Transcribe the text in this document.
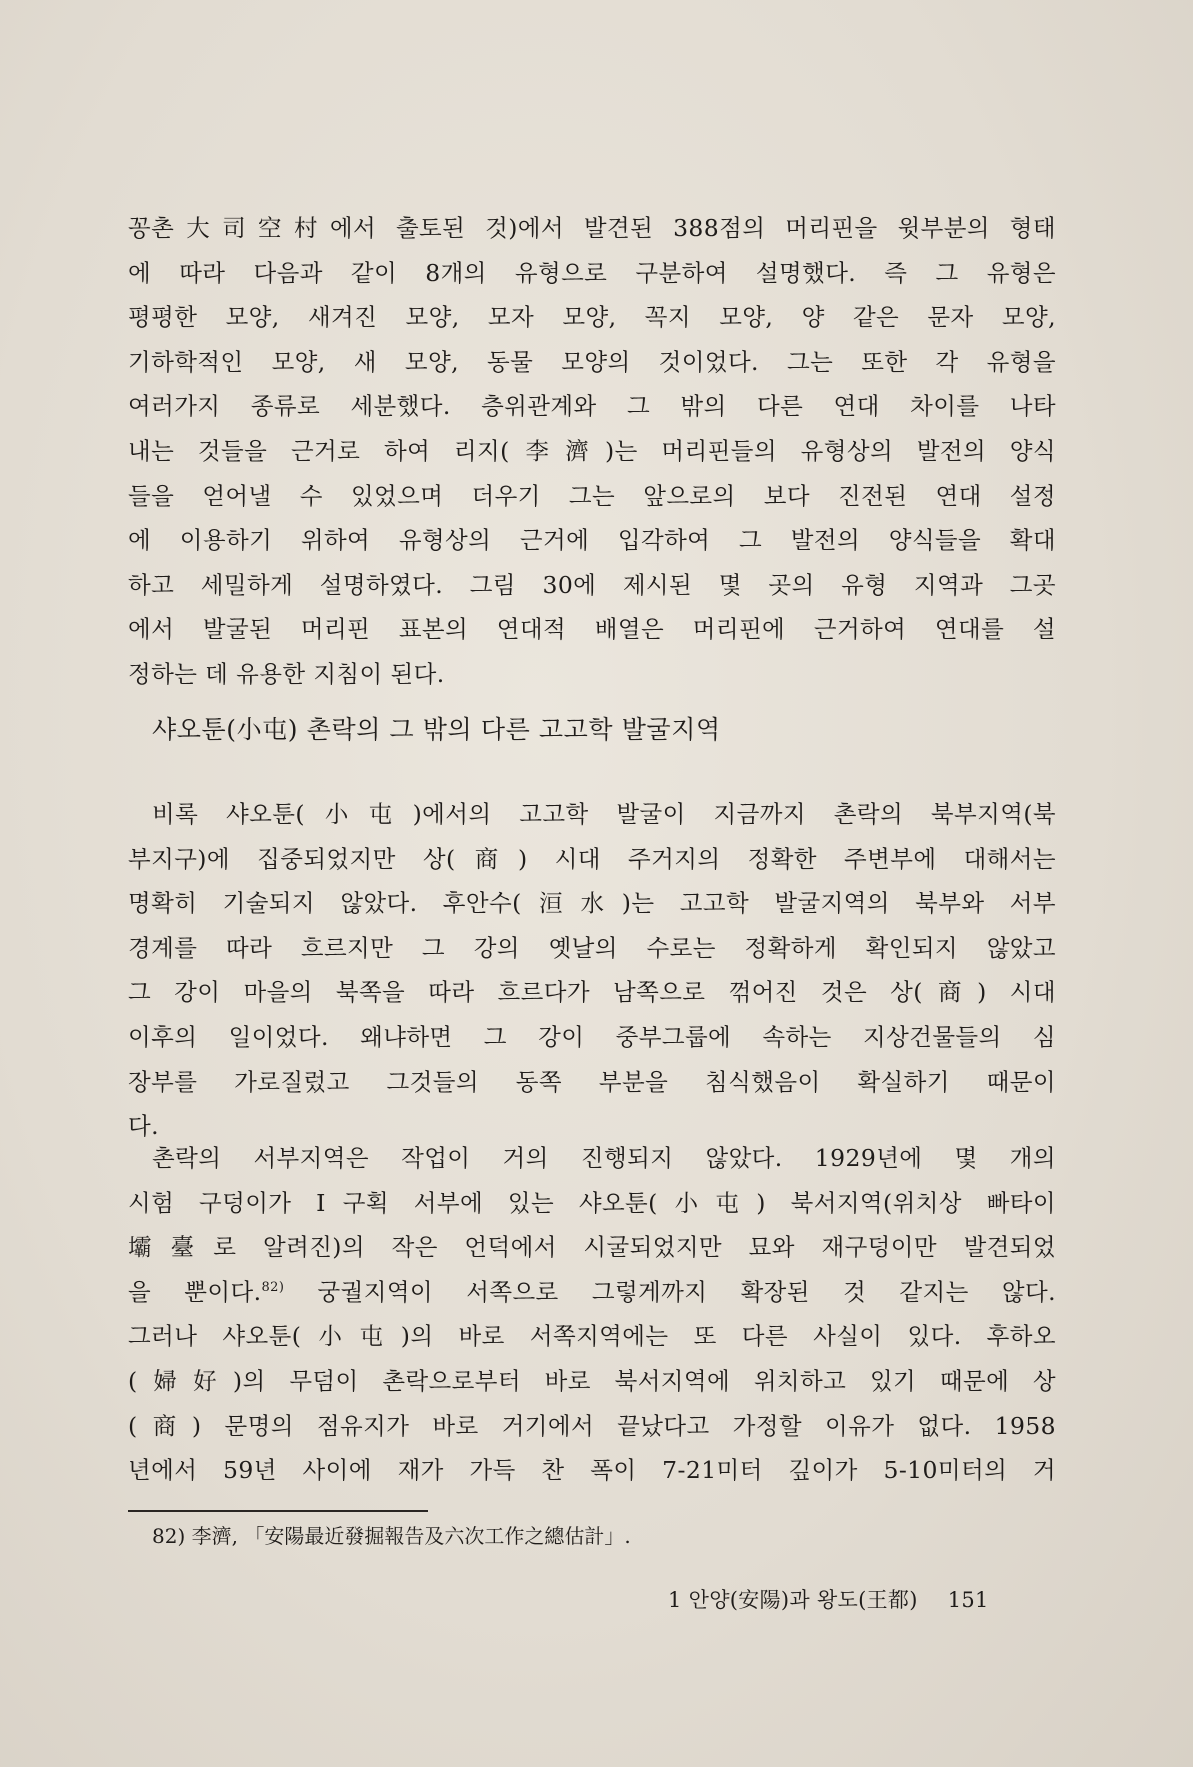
꽁촌大司空村에서 출토된 것)에서 발견된 388점의 머리핀을 윗부분의 형태
에 따라 다음과 같이 8개의 유형으로 구분하여 설명했다. 즉 그 유형은
평평한 모양, 새겨진 모양, 모자 모양, 꼭지 모양, 양 같은 문자 모양,
기하학적인 모양, 새 모양, 동물 모양의 것이었다. 그는 또한 각 유형을
여러가지 종류로 세분했다. 층위관계와 그 밖의 다른 연대 차이를 나타
내는 것들을 근거로 하여 리지(李濟)는 머리핀들의 유형상의 발전의 양식
들을 얻어낼 수 있었으며 더우기 그는 앞으로의 보다 진전된 연대 설정
에 이용하기 위하여 유형상의 근거에 입각하여 그 발전의 양식들을 확대
하고 세밀하게 설명하였다. 그림 30에 제시된 몇 곳의 유형 지역과 그곳
에서 발굴된 머리핀 표본의 연대적 배열은 머리핀에 근거하여 연대를 설
정하는 데 유용한 지침이 된다.
샤오툰(小屯) 촌락의 그 밖의 다른 고고학 발굴지역
비록 샤오툰(小屯)에서의 고고학 발굴이 지금까지 촌락의 북부지역(북
부지구)에 집중되었지만 상(商) 시대 주거지의 정확한 주변부에 대해서는
명확히 기술되지 않았다. 후안수(洹水)는 고고학 발굴지역의 북부와 서부
경계를 따라 흐르지만 그 강의 옛날의 수로는 정확하게 확인되지 않았고
그 강이 마을의 북쪽을 따라 흐르다가 남쪽으로 꺾어진 것은 상(商) 시대
이후의 일이었다. 왜냐하면 그 강이 중부그룹에 속하는 지상건물들의 심
장부를 가로질렀고 그것들의 동쪽 부분을 침식했음이 확실하기 때문이
다.
촌락의 서부지역은 작업이 거의 진행되지 않았다. 1929년에 몇 개의
시험 구덩이가 Ⅰ구획 서부에 있는 샤오툰(小屯) 북서지역(위치상 빠타이
壩臺로 알려진)의 작은 언덕에서 시굴되었지만 묘와 재구덩이만 발견되었
을 뿐이다.$^{82)}$ 궁궐지역이 서쪽으로 그렇게까지 확장된 것 같지는 않다.
그러나 샤오툰(小屯)의 바로 서쪽지역에는 또 다른 사실이 있다. 후하오
(婦好)의 무덤이 촌락으로부터 바로 북서지역에 위치하고 있기 때문에 상
(商) 문명의 점유지가 바로 거기에서 끝났다고 가정할 이유가 없다. 1958
년에서 59년 사이에 재가 가득 찬 폭이 7-21미터 깊이가 5-10미터의 거
82) 李濟, 「安陽最近發掘報告及六次工作之總估計」.
1 안양(安陽)과 왕도(王都) 151
